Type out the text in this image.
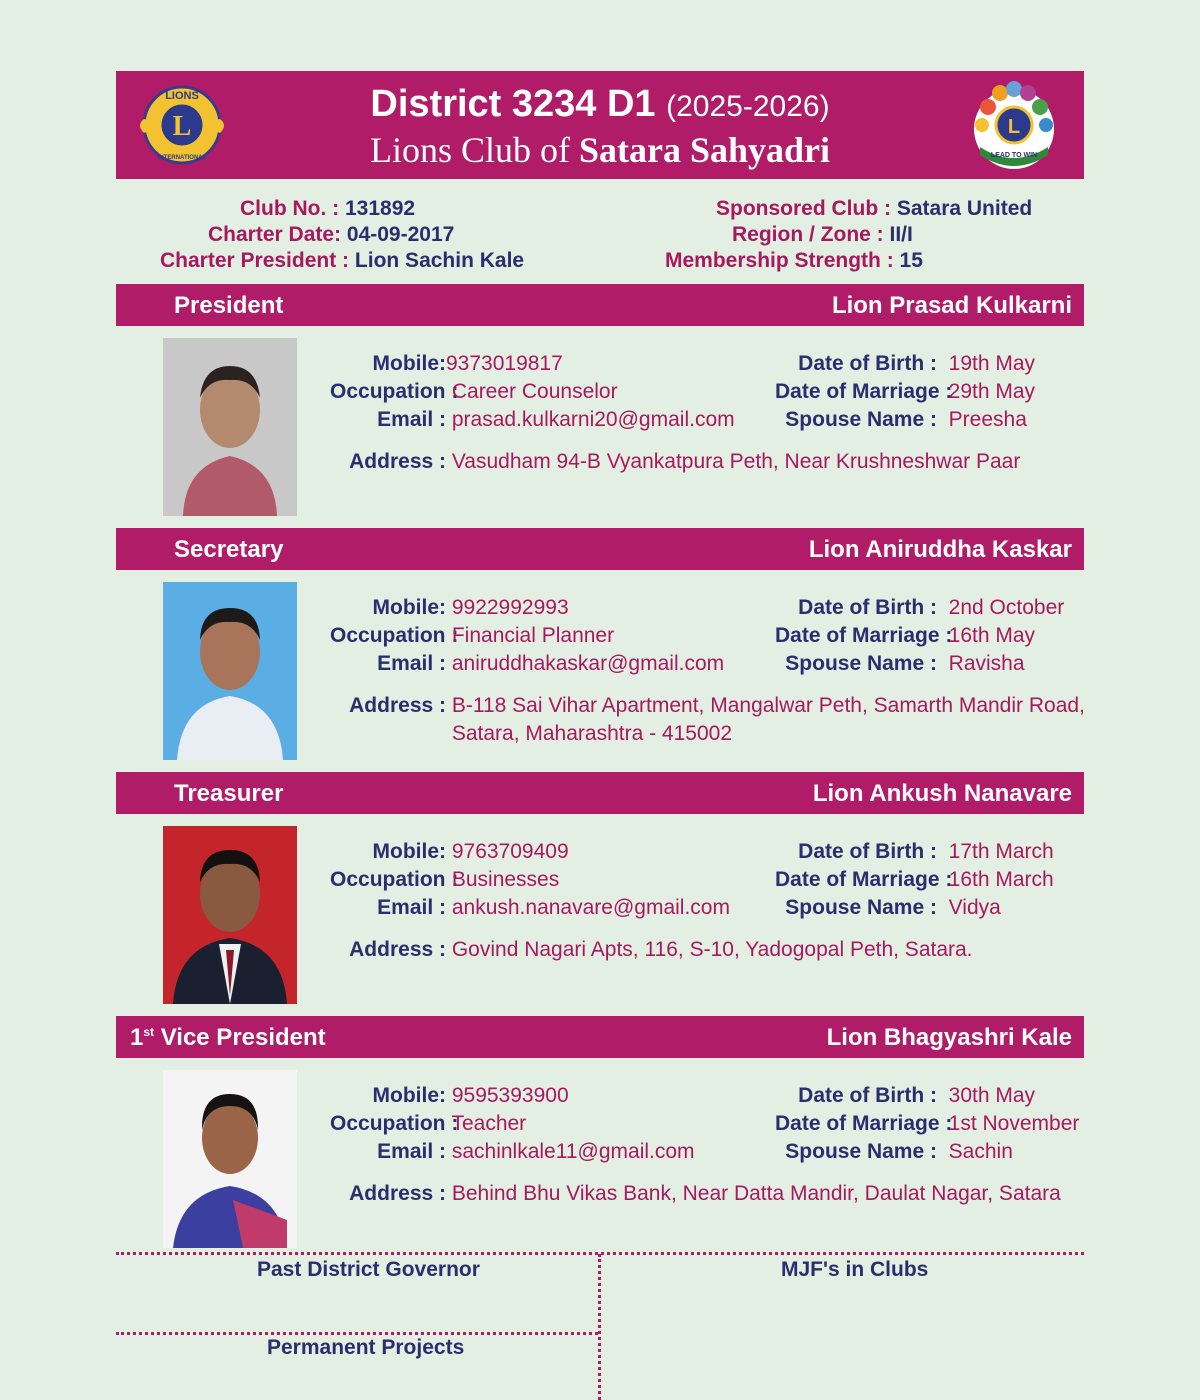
L
LIONS
INTERNATIONAL
District 3234 D1 (2025-2026)
Lions Club of Satara Sahyadri
L
LEAD TO WIN
Club No. : 131892
Charter Date: 04-09-2017
Charter President : Lion Sachin Kale
Sponsored Club : Satara United
Region / Zone : II/I
Membership Strength : 15
President	Lion Prasad Kulkarni
Mobile:9373019817
Occupation : Career Counselor
Email : prasad.kulkarni20@gmail.com
Date of Birth : 19th May
Date of Marriage :  29th May
Spouse Name : Preesha
Address : Vasudham 94-B Vyankatpura Peth, Near Krushneshwar Paar
Secretary	Lion Aniruddha Kaskar
Mobile: 9922992993
Occupation : Financial Planner
Email : aniruddhakaskar@gmail.com
Date of Birth : 2nd October
Date of Marriage :  16th May
Spouse Name : Ravisha
Address : B-118 Sai Vihar Apartment, Mangalwar Peth, Samarth Mandir Road,
Satara, Maharashtra - 415002
Treasurer	Lion Ankush Nanavare
Mobile: 9763709409
Occupation : Businesses
Email : ankush.nanavare@gmail.com
Date of Birth : 17th March
Date of Marriage :  16th March
Spouse Name : Vidya
Address : Govind Nagari Apts, 116, S-10, Yadogopal Peth, Satara.
1st Vice President	Lion Bhagyashri Kale
Mobile: 9595393900
Occupation : Teacher
Email : sachinlkale11@gmail.com
Date of Birth : 30th May
Date of Marriage :  1st November
Spouse Name : Sachin
Address : Behind Bhu Vikas Bank, Near Datta Mandir, Daulat Nagar, Satara
Past District Governor	MJF's in Clubs
Permanent Projects
